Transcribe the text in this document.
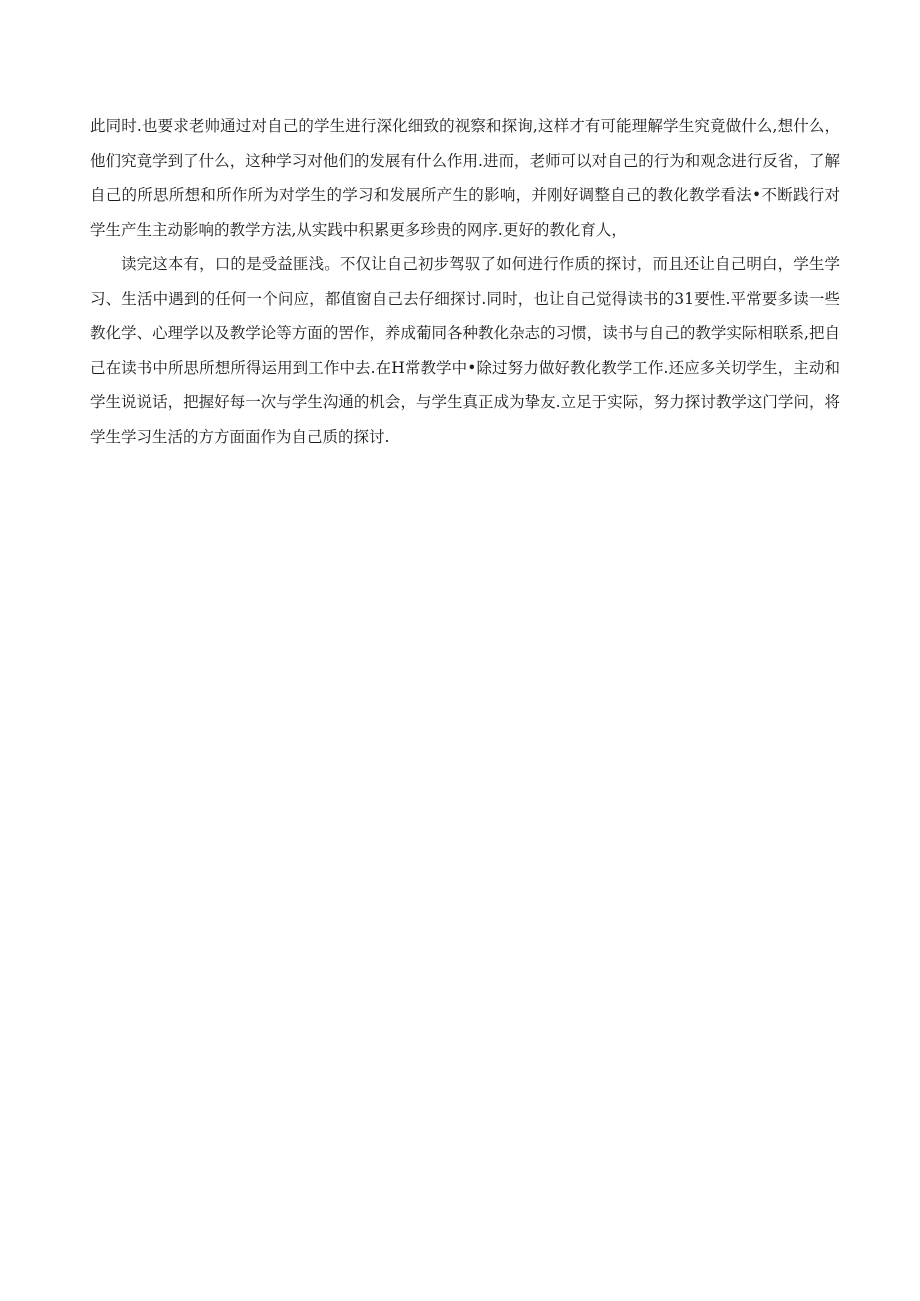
此同时.也要求老帅通过对自己的学生进行深化细致的视察和探询,这样才有可能理解学生究竟做什么,想什么，他们究竟学到了什么，这种学习对他们的发展有什么作用.进而，老师可以对自己的行为和观念进行反省，了解自己的所思所想和所作所为对学生的学习和发展所产生的影响，并刚好调整自己的教化教学看法•不断践行对学生产生主动影响的教学方法,从实践中积累更多珍贵的网序.更好的教化育人，

读完这本有，口的是受益匪浅。不仅让自己初步驾驭了如何进行作质的探讨，而且还让自己明白，学生学习、生活中遇到的任何一个问应，都值窗自己去仔细探讨.同时，也让自己觉得读书的31要性.平常要多读一些教化学、心理学以及教学论等方面的罟作，养成葡同各种教化杂志的习惯，读书与自己的教学实际相联系,把自己在读书中所思所想所得运用到工作中去.在H常教学中•除过努力做好教化教学工作.还应多关切学生，主动和学生说说话，把握好每一次与学生沟通的机会，与学生真正成为挚友.立足于实际，努力探讨教学这门学问，将学生学习生活的方方面面作为自己质的探讨.
